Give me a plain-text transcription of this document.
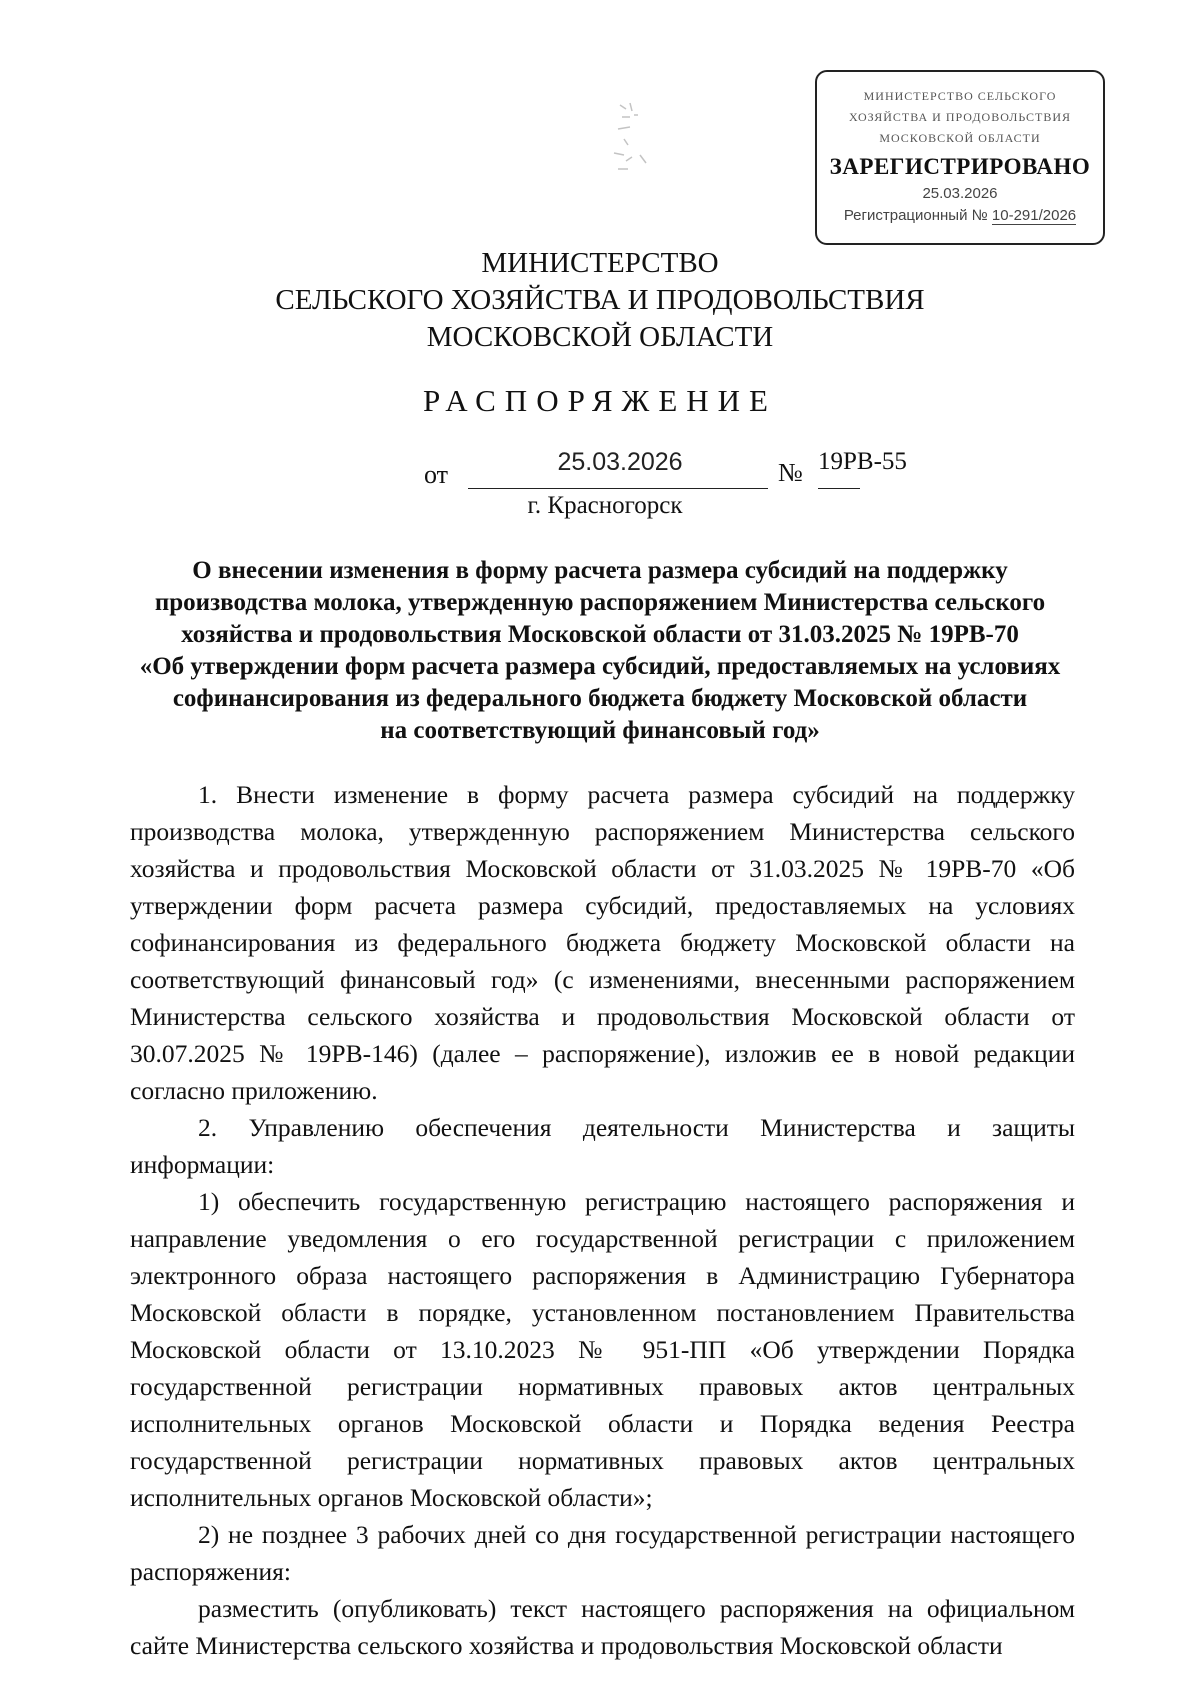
МИНИСТЕРСТВО СЕЛЬСКОГО
ХОЗЯЙСТВА И ПРОДОВОЛЬСТВИЯ
МОСКОВСКОЙ ОБЛАСТИ
ЗАРЕГИСТРИРОВАНО
25.03.2026
Регистрационный № 10-291/2026
МИНИСТЕРСТВО
СЕЛЬСКОГО ХОЗЯЙСТВА И ПРОДОВОЛЬСТВИЯ
МОСКОВСКОЙ ОБЛАСТИ
РАСПОРЯЖЕНИЕ
от	25.03.2026	№ 19РВ-55
г. Красногорск
О внесении изменения в форму расчета размера субсидий на поддержку
производства молока, утвержденную распоряжением Министерства сельского
хозяйства и продовольствия Московской области от 31.03.2025 № 19РВ-70
«Об утверждении форм расчета размера субсидий, предоставляемых на условиях
софинансирования из федерального бюджета бюджету Московской области
на соответствующий финансовый год»

1. Внести изменение в форму расчета размера субсидий на поддержку производства молока, утвержденную распоряжением Министерства сельского хозяйства и продовольствия Московской области от 31.03.2025 № 19РВ-70 «Об утверждении форм расчета размера субсидий, предоставляемых на условиях софинансирования из федерального бюджета бюджету Московской области на соответствующий финансовый год» (с изменениями, внесенными распоряжением Министерства сельского хозяйства и продовольствия Московской области от 30.07.2025 № 19РВ-146) (далее – распоряжение), изложив ее в новой редакции согласно приложению.

2. Управлению обеспечения деятельности Министерства и защиты информации:

1) обеспечить государственную регистрацию настоящего распоряжения и направление уведомления о его государственной регистрации с приложением электронного образа настоящего распоряжения в Администрацию Губернатора Московской области в порядке, установленном постановлением Правительства Московской области от 13.10.2023 № 951-ПП «Об утверждении Порядка государственной регистрации нормативных правовых актов центральных исполнительных органов Московской области и Порядка ведения Реестра государственной регистрации нормативных правовых актов центральных исполнительных органов Московской области»;

2) не позднее 3 рабочих дней со дня государственной регистрации настоящего распоряжения:

разместить (опубликовать) текст настоящего распоряжения на официальном сайте Министерства сельского хозяйства и продовольствия Московской области
